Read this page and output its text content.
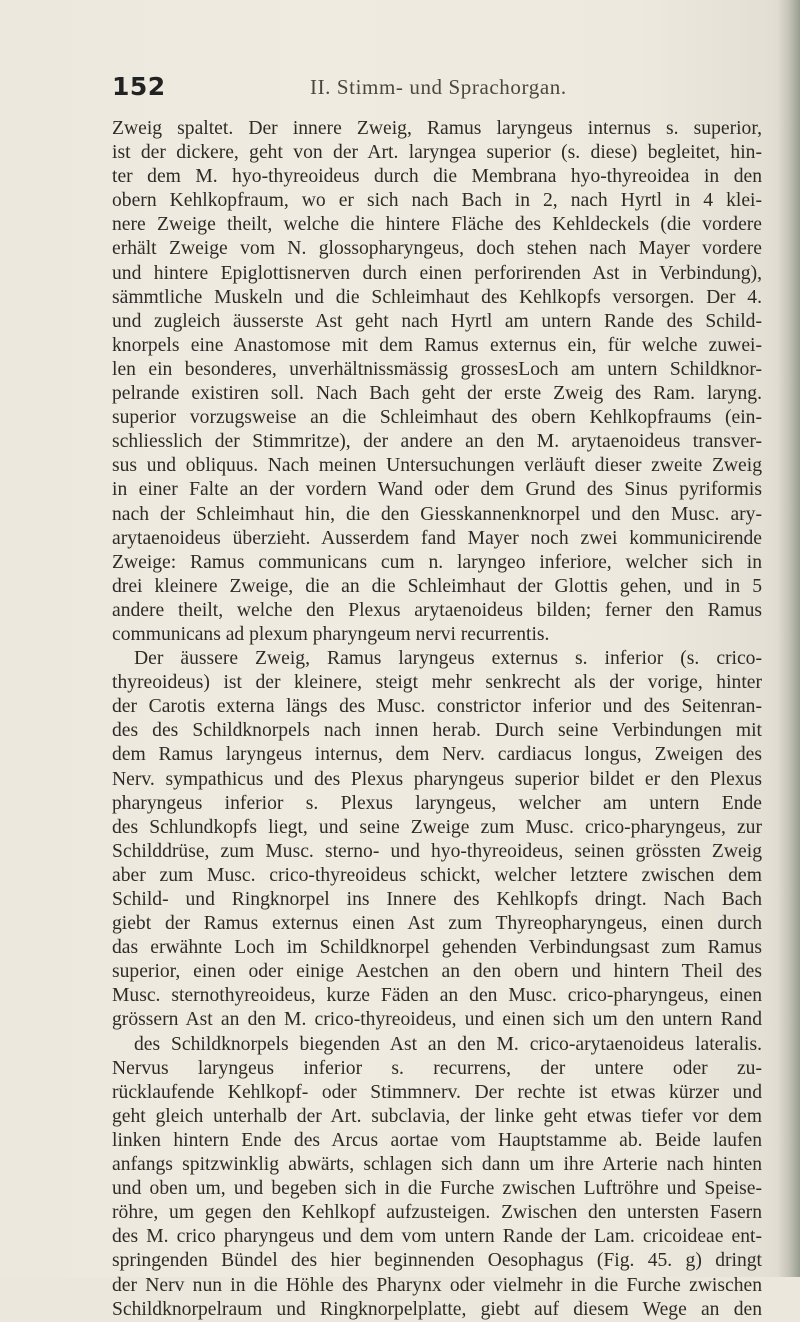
152	II. Stimm- und Sprachorgan.
Zweig spaltet. Der innere Zweig, Ramus laryngeus internus s. superior,
ist der dickere, geht von der Art. laryngea superior (s. diese) begleitet, hin-
ter dem M. hyo-thyreoideus durch die Membrana hyo-thyreoidea in den
obern Kehlkopfraum, wo er sich nach Bach in 2, nach Hyrtl in 4 klei-
nere Zweige theilt, welche die hintere Fläche des Kehldeckels (die vordere
erhält Zweige vom N. glossopharyngeus, doch stehen nach Mayer vordere
und hintere Epiglottisnerven durch einen perforirenden Ast in Verbindung),
sämmtliche Muskeln und die Schleimhaut des Kehlkopfs versorgen. Der 4.
und zugleich äusserste Ast geht nach Hyrtl am untern Rande des Schild-
knorpels eine Anastomose mit dem Ramus externus ein, für welche zuwei-
len ein besonderes, unverhältnissmässig grossesLoch am untern Schildknor-
pelrande existiren soll. Nach Bach geht der erste Zweig des Ram. laryng.
superior vorzugsweise an die Schleimhaut des obern Kehlkopfraums (ein-
schliesslich der Stimmritze), der andere an den M. arytaenoideus transver-
sus und obliquus. Nach meinen Untersuchungen verläuft dieser zweite Zweig
in einer Falte an der vordern Wand oder dem Grund des Sinus pyriformis
nach der Schleimhaut hin, die den Giesskannenknorpel und den Musc. ary-
arytaenoideus überzieht. Ausserdem fand Mayer noch zwei kommunicirende
Zweige: Ramus communicans cum n. laryngeo inferiore, welcher sich in
drei kleinere Zweige, die an die Schleimhaut der Glottis gehen, und in 5
andere theilt, welche den Plexus arytaenoideus bilden; ferner den Ramus
communicans ad plexum pharyngeum nervi recurrentis.
Der äussere Zweig, Ramus laryngeus externus s. inferior (s. crico-
thyreoideus) ist der kleinere, steigt mehr senkrecht als der vorige, hinter
der Carotis externa längs des Musc. constrictor inferior und des Seitenran-
des des Schildknorpels nach innen herab. Durch seine Verbindungen mit
dem Ramus laryngeus internus, dem Nerv. cardiacus longus, Zweigen des
Nerv. sympathicus und des Plexus pharyngeus superior bildet er den Plexus
pharyngeus inferior s. Plexus laryngeus, welcher am untern Ende
des Schlundkopfs liegt, und seine Zweige zum Musc. crico-pharyngeus, zur
Schilddrüse, zum Musc. sterno- und hyo-thyreoideus, seinen grössten Zweig
aber zum Musc. crico-thyreoideus schickt, welcher letztere zwischen dem
Schild- und Ringknorpel ins Innere des Kehlkopfs dringt. Nach Bach
giebt der Ramus externus einen Ast zum Thyreopharyngeus, einen durch
das erwähnte Loch im Schildknorpel gehenden Verbindungsast zum Ramus
superior, einen oder einige Aestchen an den obern und hintern Theil des
Musc. sternothyreoideus, kurze Fäden an den Musc. crico-pharyngeus, einen
grössern Ast an den M. crico-thyreoideus, und einen sich um den untern Rand
des Schildknorpels biegenden Ast an den M. crico-arytaenoideus lateralis.
Nervus laryngeus inferior s. recurrens, der untere oder zu-
rücklaufende Kehlkopf- oder Stimmnerv. Der rechte ist etwas kürzer und
geht gleich unterhalb der Art. subclavia, der linke geht etwas tiefer vor dem
linken hintern Ende des Arcus aortae vom Hauptstamme ab. Beide laufen
anfangs spitzwinklig abwärts, schlagen sich dann um ihre Arterie nach hinten
und oben um, und begeben sich in die Furche zwischen Luftröhre und Speise-
röhre, um gegen den Kehlkopf aufzusteigen. Zwischen den untersten Fasern
des M. crico pharyngeus und dem vom untern Rande der Lam. cricoideae ent-
springenden Bündel des hier beginnenden Oesophagus (Fig. 45. g) dringt
der Nerv nun in die Höhle des Pharynx oder vielmehr in die Furche zwischen
Schildknorpelraum und Ringknorpelplatte, giebt auf diesem Wege an den
